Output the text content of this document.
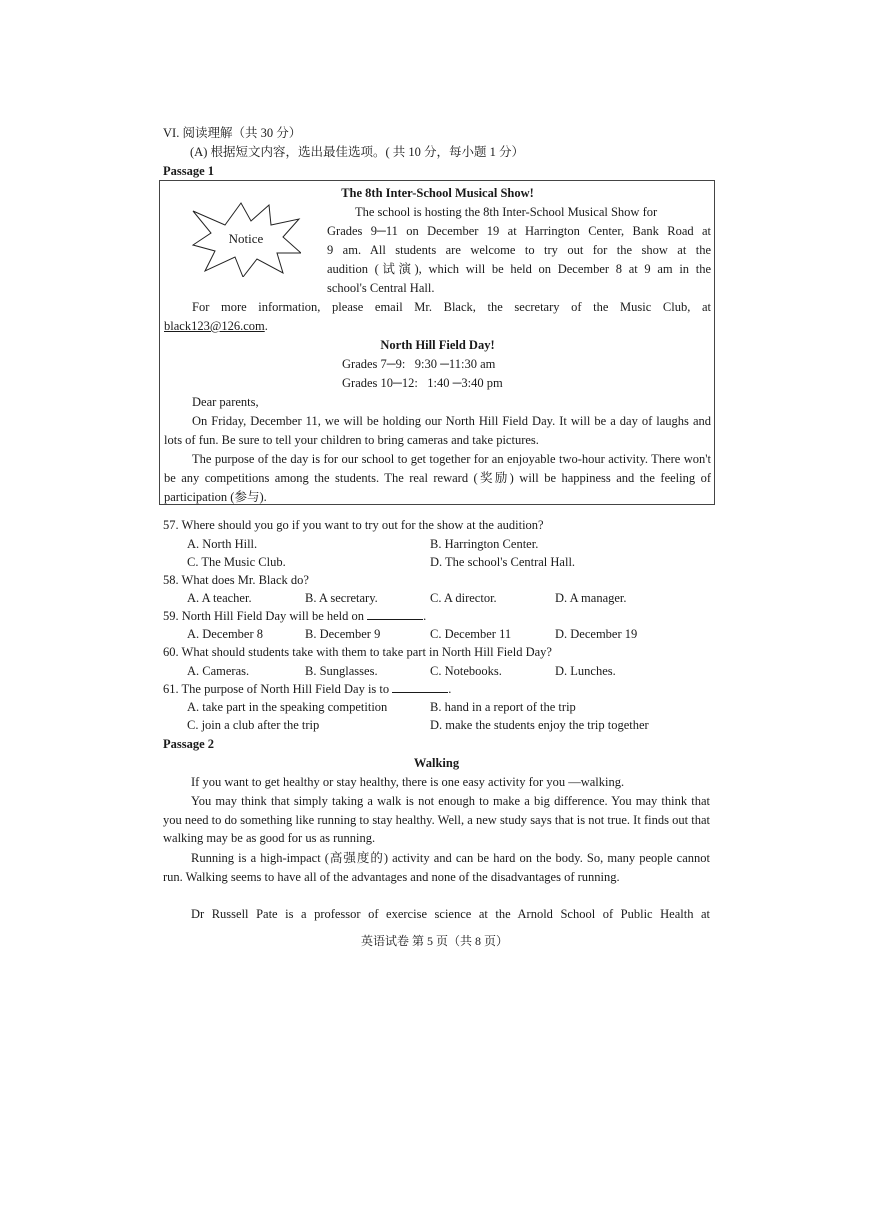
VI. 阅读理解（共 30 分）
(A) 根据短文内容，选出最佳选项。( 共 10 分，每小题 1 分）
Passage 1
The 8th Inter-School Musical Show!
Notice
The school is hosting the 8th Inter-School Musical Show for
Grades 9─11 on December 19 at Harrington Center, Bank Road at
9 am. All students are welcome to try out for the show at the
audition (试演), which will be held on December 8 at 9 am in the
school's Central Hall.
For more information, please email Mr. Black, the secretary of the Music Club, at
black123@126.com.
North Hill Field Day!
Grades 7─9:   9:30 ─11:30 am
Grades 10─12:   1:40 ─3:40 pm
Dear parents,
On Friday, December 11, we will be holding our North Hill Field Day. It will be a day of laughs and lots of fun. Be sure to tell your children to bring cameras and take pictures.
The purpose of the day is for our school to get together for an enjoyable two-hour activity. There won't be any competitions among the students. The real reward (奖励) will be happiness and the feeling of participation (参与).
57. Where should you go if you want to try out for the show at the audition?
A. North Hill.	B. Harrington Center.
C. The Music Club.	D. The school's Central Hall.
58. What does Mr. Black do?
A. A teacher.	B. A secretary.	C. A director.	D. A manager.
59. North Hill Field Day will be held on	.
A. December 8	B. December 9	C. December 11	D. December 19
60. What should students take with them to take part in North Hill Field Day?
A. Cameras.	B. Sunglasses.	C. Notebooks.	D. Lunches.
61. The purpose of North Hill Field Day is to	.
A. take part in the speaking competition	B. hand in a report of the trip
C. join a club after the trip	D. make the students enjoy the trip together
Passage 2
Walking
If you want to get healthy or stay healthy, there is one easy activity for you —walking.
You may think that simply taking a walk is not enough to make a big difference. You may think that you need to do something like running to stay healthy. Well, a new study says that is not true. It finds out that walking may be as good for us as running.
Running is a high-impact (高强度的) activity and can be hard on the body. So, many people cannot run. Walking seems to have all of the advantages and none of the disadvantages of running.
Dr Russell Pate is a professor of exercise science at the Arnold School of Public Health at
英语试卷 第 5 页（共 8 页）
